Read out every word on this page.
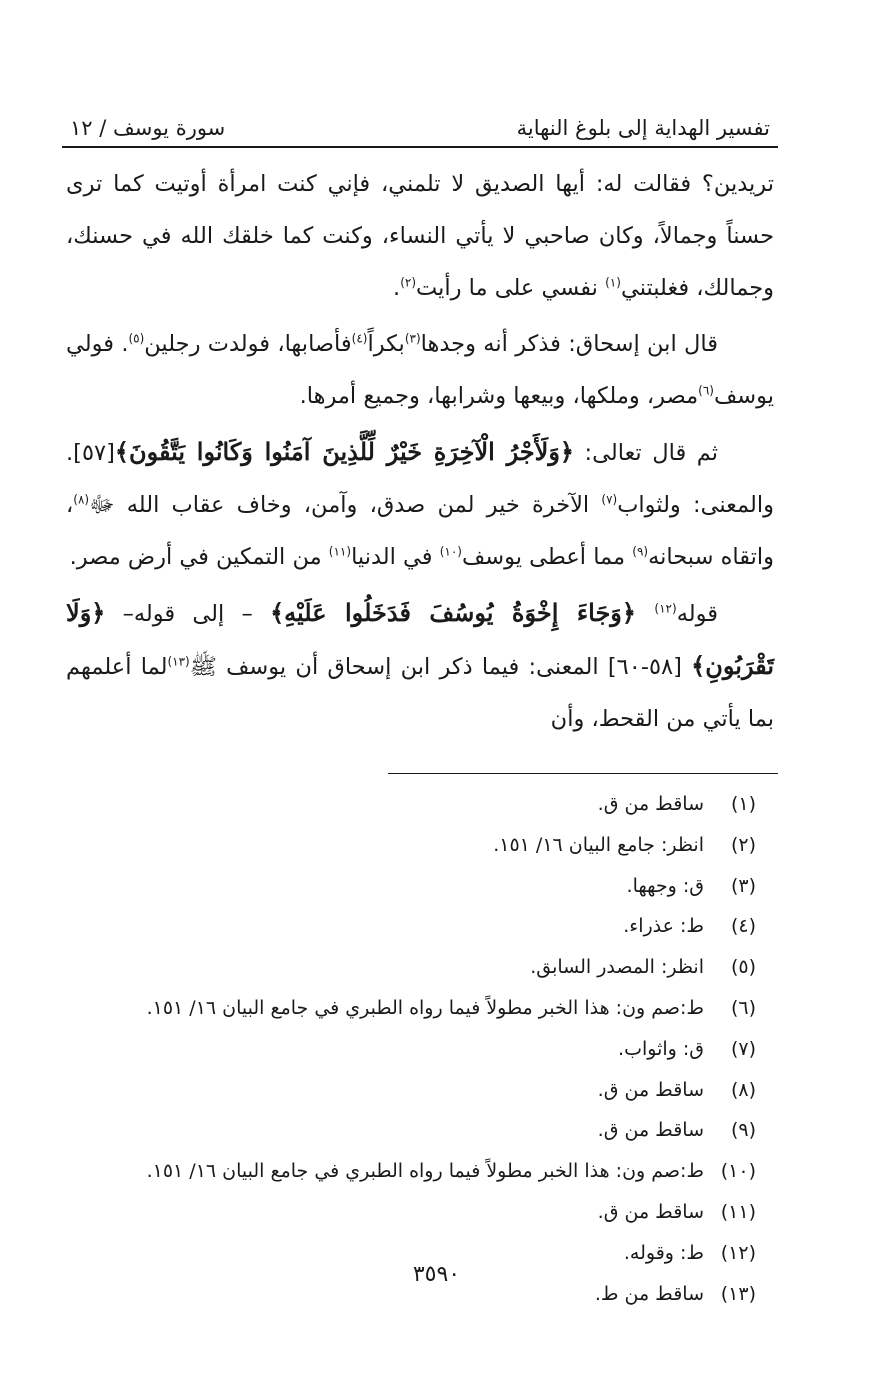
تفسير الهداية إلى بلوغ النهاية
سورة يوسف / ١٢

تريدين؟ فقالت له: أيها الصديق لا تلمني، فإني كنت امرأة أوتيت كما ترى حسناً وجمالاً، وكان صاحبي لا يأتي النساء، وكنت كما خلقك الله في حسنك، وجمالك، فغلبتني$^{(١)}$ نفسي على ما رأيت$^{(٢)}$.

قال ابن إسحاق: فذكر أنه وجدها$^{(٣)}$بكراً$^{(٤)}$فأصابها، فولدت رجلين$^{(٥)}$. فولي يوسف$^{(٦)}$مصر، وملكها، وبيعها وشرابها، وجميع أمرها.

ثم قال تعالى: ﴿وَلَأَجْرُ الْآخِرَةِ خَيْرٌ لِّلَّذِينَ آمَنُوا وَكَانُوا يَتَّقُونَ﴾[٥٧]. والمعنى: ولثواب$^{(٧)}$ الآخرة خير لمن صدق، وآمن، وخاف عقاب الله ﷻ$^{(٨)}$، واتقاه سبحانه$^{(٩)}$ مما أعطى يوسف$^{(١٠)}$ في الدنيا$^{(١١)}$ من التمكين في أرض مصر.

قوله$^{(١٢)}$ ﴿وَجَاءَ إِخْوَةُ يُوسُفَ فَدَخَلُوا عَلَيْهِ﴾ – إلى قوله– ﴿وَلَا تَقْرَبُونِ﴾ [٥٨-٦٠] المعنى: فيما ذكر ابن إسحاق أن يوسف ﷺ$^{(١٣)}$لما أعلمهم بما يأتي من القحط، وأن

(١)
ساقط من ق.
(٢)
انظر: جامع البيان ١٦/ ١٥١.
(٣)
ق: وجهها.
(٤)
ط: عذراء.
(٥)
انظر: المصدر السابق.
(٦)
ط:صم ون: هذا الخبر مطولاً فيما رواه الطبري في جامع البيان ١٦/ ١٥١.
(٧)
ق: واثواب.
(٨)
ساقط من ق.
(٩)
ساقط من ق.
(١٠)
ط:صم ون: هذا الخبر مطولاً فيما رواه الطبري في جامع البيان ١٦/ ١٥١.
(١١)
ساقط من ق.
(١٢)
ط: وقوله.
(١٣)
ساقط من ط.
٣٥٩٠
